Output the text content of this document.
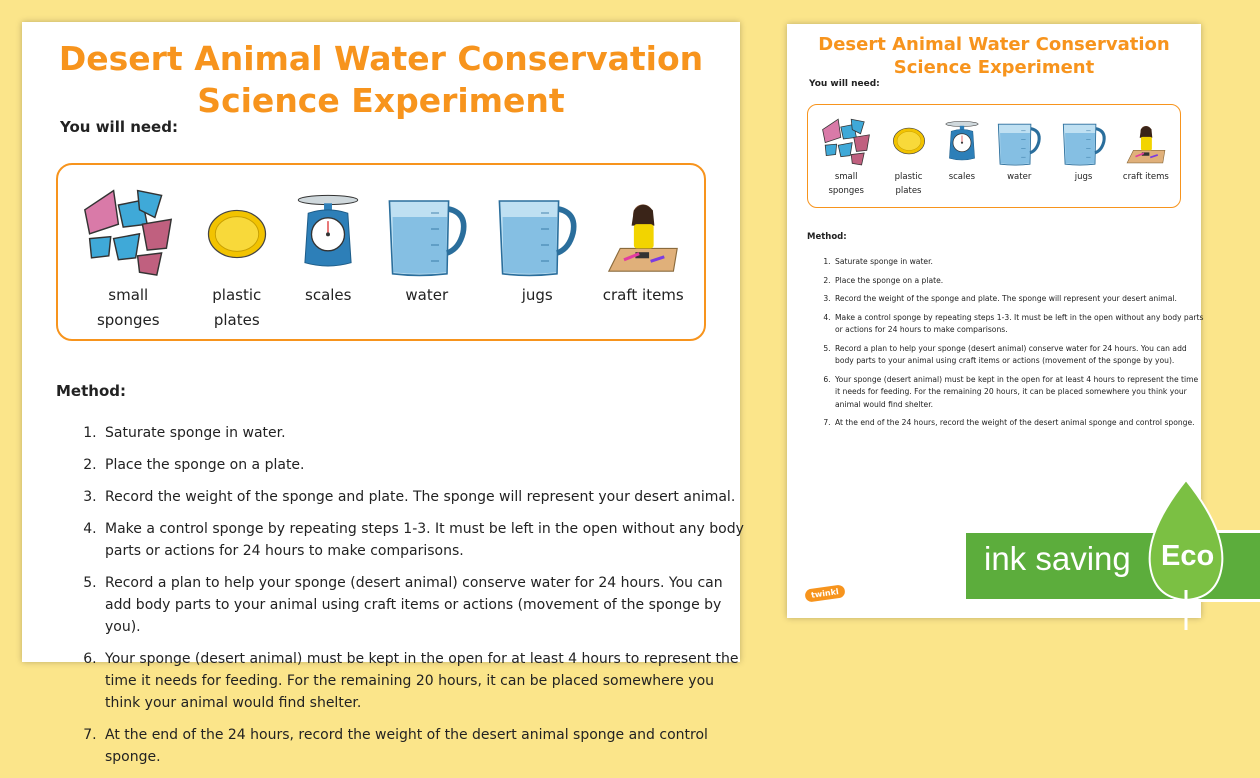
Desert Animal Water Conservation
Science Experiment
You will need:
small
sponges
plastic
plates
scales	water	jugs	craft items
Method:
1. Saturate sponge in water.
2. Place the sponge on a plate.
3. Record the weight of the sponge and plate. The sponge will represent your desert animal.
4. Make a control sponge by repeating steps 1-3. It must be left in the open without any body parts or actions for 24 hours to make comparisons.
5. Record a plan to help your sponge (desert animal) conserve water for 24 hours. You can add body parts to your animal using craft items or actions (movement of the sponge by you).
6. Your sponge (desert animal) must be kept in the open for at least 4 hours to represent the time it needs for feeding. For the remaining 20 hours, it can be placed somewhere you think your animal would find shelter.
7. At the end of the 24 hours, record the weight of the desert animal sponge and control sponge.
Desert Animal Water Conservation
Science Experiment
You will need:
small
sponges
plastic
plates
scales	water	jugs	craft items
Method:
1. Saturate sponge in water.
2. Place the sponge on a plate.
3. Record the weight of the sponge and plate. The sponge will represent your desert animal.
4. Make a control sponge by repeating steps 1-3. It must be left in the open without any body parts or actions for 24 hours to make comparisons.
5. Record a plan to help your sponge (desert animal) conserve water for 24 hours. You can add body parts to your animal using craft items or actions (movement of the sponge by you).
6. Your sponge (desert animal) must be kept in the open for at least 4 hours to represent the time it needs for feeding. For the remaining 20 hours, it can be placed somewhere you think your animal would find shelter.
7. At the end of the 24 hours, record the weight of the desert animal sponge and control sponge.
twinkl
ink saving Eco
